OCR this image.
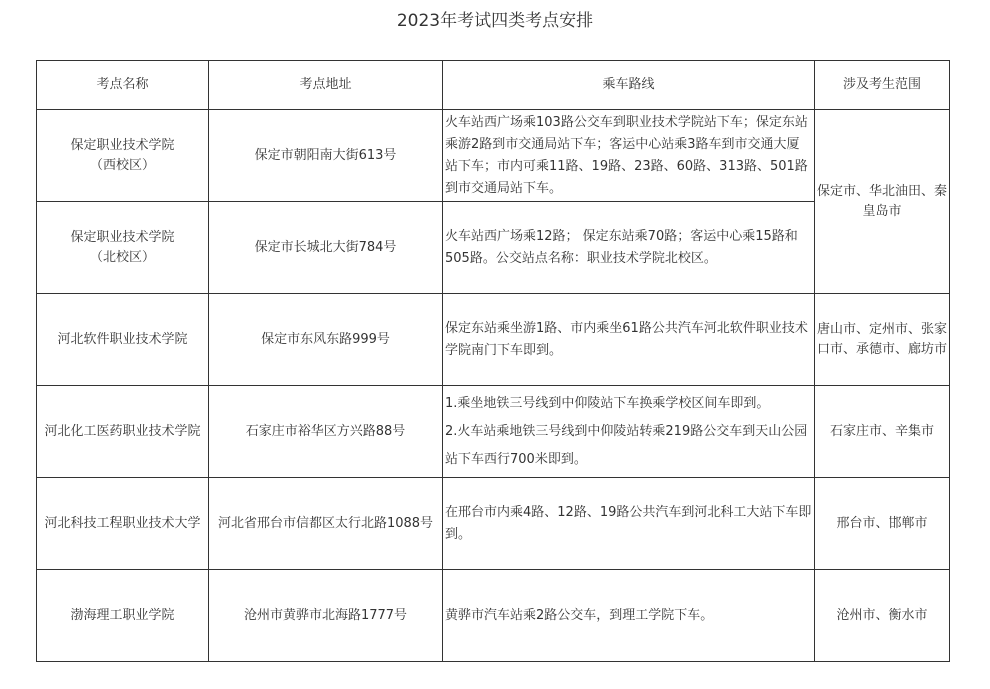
2023年考试四类考点安排
考点名称	考点地址	乘车路线	涉及考生范围

保定职业技术学院
（西校区）	保定市朝阳南大街613号	火车站西广场乘103路公交车到职业技术学院站下车；保定东站乘游2路到市交通局站下车；客运中心站乘3路车到市交通大厦站下车；市内可乘11路、19路、23路、60路、313路、501路到市交通局站下车。	保定市、华北油田、秦皇岛市

保定职业技术学院
（北校区）	保定市长城北大街784号	火车站西广场乘12路； 保定东站乘70路；客运中心乘15路和505路。公交站点名称：职业技术学院北校区。	

河北软件职业技术学院	保定市东风东路999号	保定东站乘坐游1路、市内乘坐61路公共汽车河北软件职业技术学院南门下车即到。	唐山市、定州市、张家口市、承德市、廊坊市

河北化工医药职业技术学院	石家庄市裕华区方兴路88号	1.乘坐地铁三号线到中仰陵站下车换乘学校区间车即到。
2.火车站乘地铁三号线到中仰陵站转乘219路公交车到天山公园站下车西行700米即到。	石家庄市、辛集市

河北科技工程职业技术大学	河北省邢台市信都区太行北路1088号	在邢台市内乘4路、12路、19路公共汽车到河北科工大站下车即到。	邢台市、邯郸市

渤海理工职业学院	沧州市黄骅市北海路1777号	黄骅市汽车站乘2路公交车，到理工学院下车。	沧州市、衡水市
